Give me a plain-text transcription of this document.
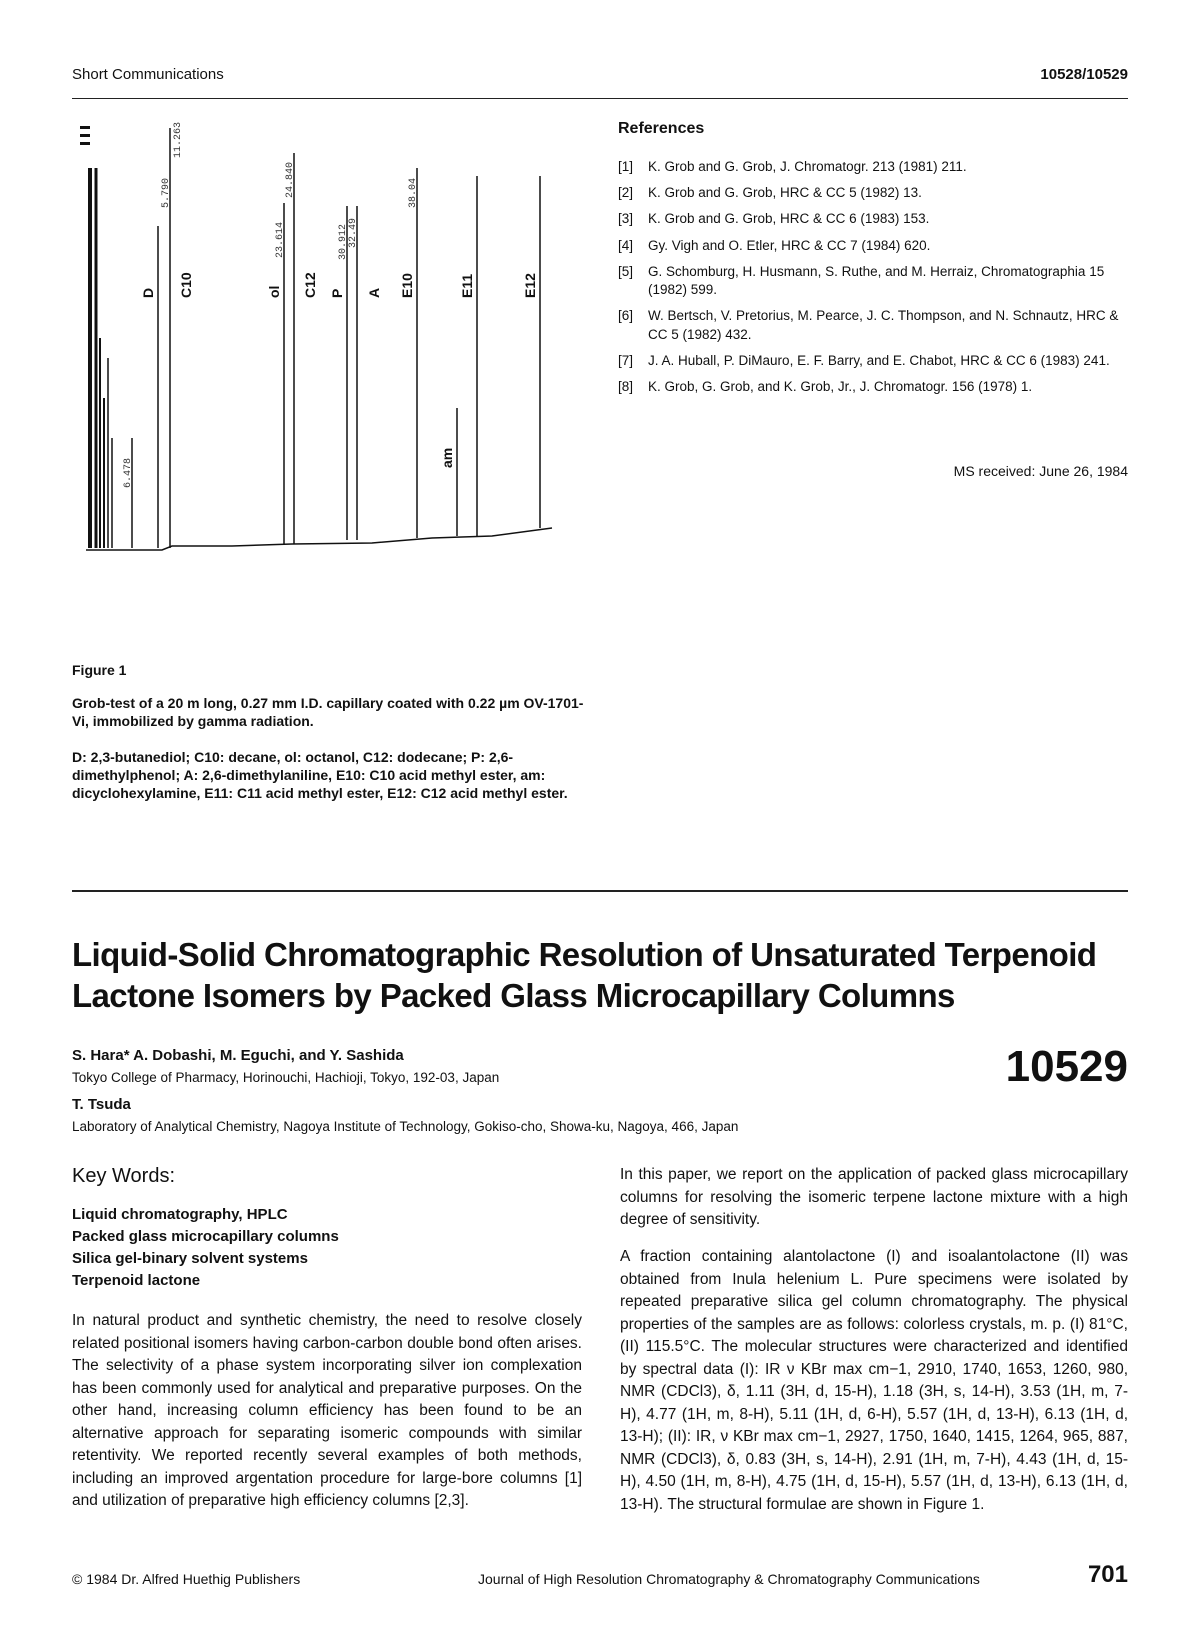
Short Communications	10528/10529
D C10	ol C12 P A E10
am
E11	E12
5.790
11.263
23.614
24.840
30.912 32.49
38.04
6.478
Figure 1
Grob-test of a 20 m long, 0.27 mm I.D. capillary coated with 0.22 µm OV-1701-Vi, immobilized by gamma radiation.
D: 2,3-butanediol; C10: decane, ol: octanol, C12: dodecane; P: 2,6-dimethylphenol; A: 2,6-dimethylaniline, E10: C10 acid methyl ester, am: dicyclohexylamine, E11: C11 acid methyl ester, E12: C12 acid methyl ester.
References
[1]	K. Grob and G. Grob, J. Chromatogr. 213 (1981) 211.
[2]	K. Grob and G. Grob, HRC & CC 5 (1982) 13.
[3]	K. Grob and G. Grob, HRC & CC 6 (1983) 153.
[4]	Gy. Vigh and O. Etler, HRC & CC 7 (1984) 620.
[5]	G. Schomburg, H. Husmann, S. Ruthe, and M. Herraiz, Chromatographia 15 (1982) 599.
[6]	W. Bertsch, V. Pretorius, M. Pearce, J. C. Thompson, and N. Schnautz, HRC & CC 5 (1982) 432.
[7]	J. A. Huball, P. DiMauro, E. F. Barry, and E. Chabot, HRC & CC 6 (1983) 241.
[8]	K. Grob, G. Grob, and K. Grob, Jr., J. Chromatogr. 156 (1978) 1.
MS received: June 26, 1984
Liquid-Solid Chromatographic Resolution of Unsaturated Terpenoid
Lactone Isomers by Packed Glass Microcapillary Columns
S. Hara* A. Dobashi, M. Eguchi, and Y. Sashida
Tokyo College of Pharmacy, Horinouchi, Hachioji, Tokyo, 192-03, Japan	10529
T. Tsuda
Laboratory of Analytical Chemistry, Nagoya Institute of Technology, Gokiso-cho, Showa-ku, Nagoya, 466, Japan
Key Words:
Liquid chromatography, HPLC
Packed glass microcapillary columns
Silica gel-binary solvent systems
Terpenoid lactone
In natural product and synthetic chemistry, the need to resolve closely related positional isomers having carbon-carbon double bond often arises. The selectivity of a phase system incorporating silver ion complexation has been commonly used for analytical and preparative purposes. On the other hand, increasing column efficiency has been found to be an alternative approach for separating isomeric compounds with similar retentivity. We reported recently several examples of both methods, including an improved argentation procedure for large-bore columns [1] and utilization of preparative high efficiency columns [2,3].
In this paper, we report on the application of packed glass microcapillary columns for resolving the isomeric terpene lactone mixture with a high degree of sensitivity.
A fraction containing alantolactone (I) and isoalantolactone (II) was obtained from Inula helenium L. Pure specimens were isolated by repeated preparative silica gel column chromatography. The physical properties of the samples are as follows: colorless crystals, m. p. (I) 81°C, (II) 115.5°C. The molecular structures were characterized and identified by spectral data (I): IR ν KBr max cm−1, 2910, 1740, 1653, 1260, 980, NMR (CDCl3), δ, 1.11 (3H, d, 15-H), 1.18 (3H, s, 14-H), 3.53 (1H, m, 7-H), 4.77 (1H, m, 8-H), 5.11 (1H, d, 6-H), 5.57 (1H, d, 13-H), 6.13 (1H, d, 13-H); (II): IR, ν KBr max cm−1, 2927, 1750, 1640, 1415, 1264, 965, 887, NMR (CDCl3), δ, 0.83 (3H, s, 14-H), 2.91 (1H, m, 7-H), 4.43 (1H, d, 15-H), 4.50 (1H, m, 8-H), 4.75 (1H, d, 15-H), 5.57 (1H, d, 13-H), 6.13 (1H, d, 13-H). The structural formulae are shown in Figure 1.
© 1984 Dr. Alfred Huethig Publishers	Journal of High Resolution Chromatography & Chromatography Communications	701
